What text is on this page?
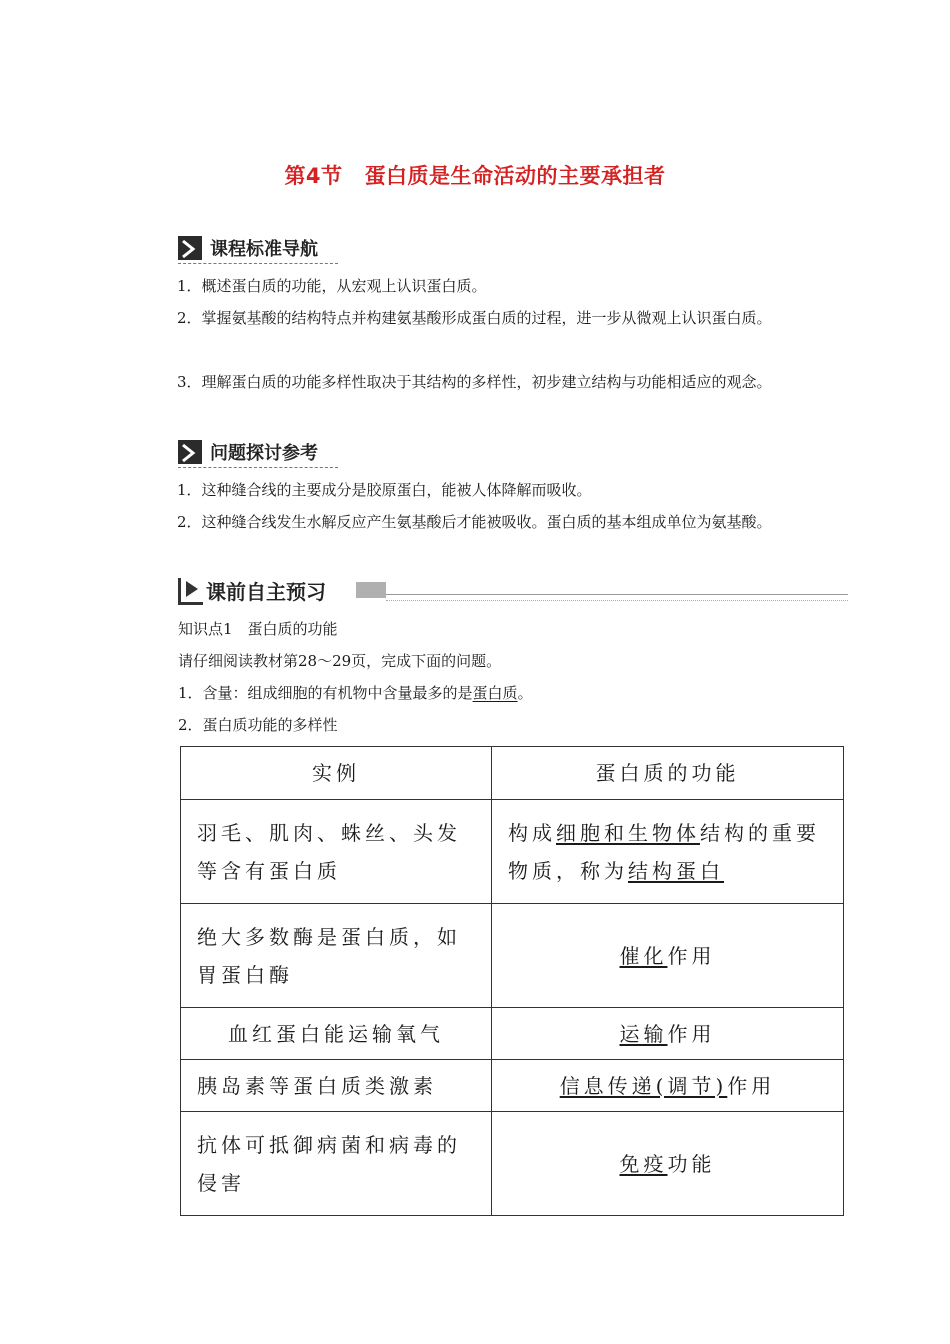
第4节 蛋白质是生命活动的主要承担者
课程标准导航
1．概述蛋白质的功能，从宏观上认识蛋白质。
2．掌握氨基酸的结构特点并构建氨基酸形成蛋白质的过程，进一步从微观上认识蛋白质。
3．理解蛋白质的功能多样性取决于其结构的多样性，初步建立结构与功能相适应的观念。
问题探讨参考
1．这种缝合线的主要成分是胶原蛋白，能被人体降解而吸收。
2．这种缝合线发生水解反应产生氨基酸后才能被吸收。蛋白质的基本组成单位为氨基酸。
课前自主预习
知识点1　蛋白质的功能
请仔细阅读教材第28～29页，完成下面的问题。
1．含量：组成细胞的有机物中含量最多的是蛋白质。
2．蛋白质功能的多样性
实例	蛋白质的功能
羽毛、肌肉、蛛丝、头发等含有蛋白质	构成细胞和生物体结构的重要物质，称为结构蛋白
绝大多数酶是蛋白质，如胃蛋白酶	催化作用
血红蛋白能运输氧气	运输作用
胰岛素等蛋白质类激素	信息传递(调节)作用
抗体可抵御病菌和病毒的侵害	免疫功能
